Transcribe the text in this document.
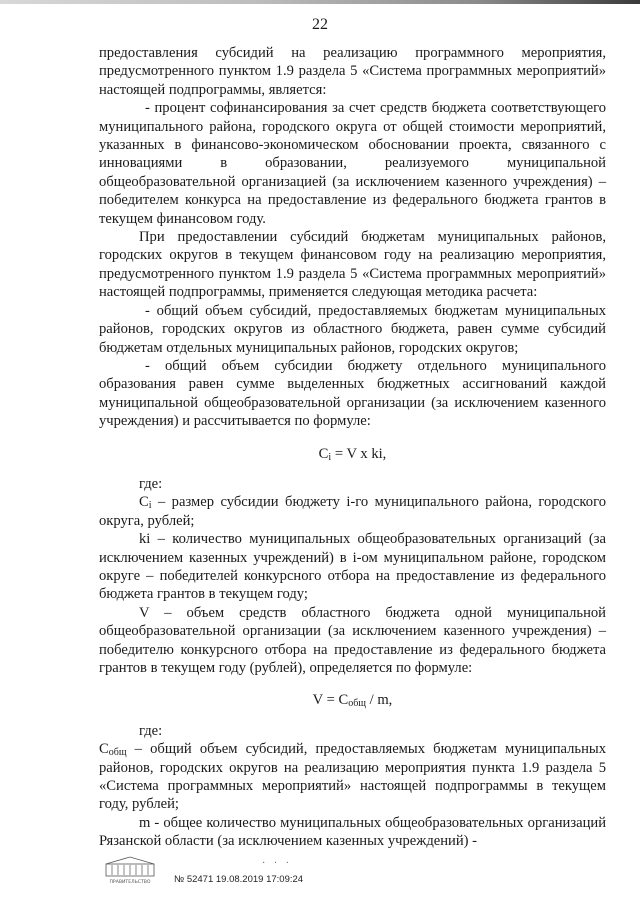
22

предоставления субсидий на реализацию программного мероприятия, предусмотренного пунктом 1.9 раздела 5 «Система программных мероприятий» настоящей подпрограммы, является:

- процент софинансирования за счет средств бюджета соответствующего муниципального района, городского округа от общей стоимости мероприятий, указанных в финансово-экономическом обосновании проекта, связанного с инновациями в образовании, реализуемого муниципальной общеобразовательной организацией (за исключением казенного учреждения) – победителем конкурса на предоставление из федерального бюджета грантов в текущем финансовом году.

При предоставлении субсидий бюджетам муниципальных районов, городских округов в текущем финансовом году на реализацию мероприятия, предусмотренного пунктом 1.9 раздела 5 «Система программных мероприятий» настоящей подпрограммы, применяется следующая методика расчета:

- общий объем субсидий, предоставляемых бюджетам муниципальных районов, городских округов из областного бюджета, равен сумме субсидий бюджетам отдельных муниципальных районов, городских округов;

- общий объем субсидии бюджету отдельного муниципального образования равен сумме выделенных бюджетных ассигнований каждой муниципальной общеобразовательной организации (за исключением казенного учреждения) и рассчитывается по формуле:

$C_i = V$ x ki,

где:

$C_i$ – размер субсидии бюджету i-го муниципального района, городского округа, рублей;

ki – количество муниципальных общеобразовательных организаций (за исключением казенных учреждений) в i-ом муниципальном районе, городском округе – победителей конкурсного отбора на предоставление из федерального бюджета грантов в текущем году;

V – объем средств областного бюджета одной муниципальной общеобразовательной организации (за исключением казенного учреждения) – победителю конкурсного отбора на предоставление из федерального бюджета грантов в текущем году (рублей), определяется по формуле:

$V = C_{общ} / m$,

где:

$C_{общ}$ – общий объем субсидий, предоставляемых бюджетам муниципальных районов, городских округов на реализацию мероприятия пункта 1.9 раздела 5 «Система программных мероприятий» настоящей подпрограммы в текущем году, рублей;

m - общее количество муниципальных общеобразовательных организаций Рязанской области (за исключением казенных учреждений) -

ПРАВИТЕЛЬСТВО
· · ·
№ 52471 19.08.2019 17:09:24
